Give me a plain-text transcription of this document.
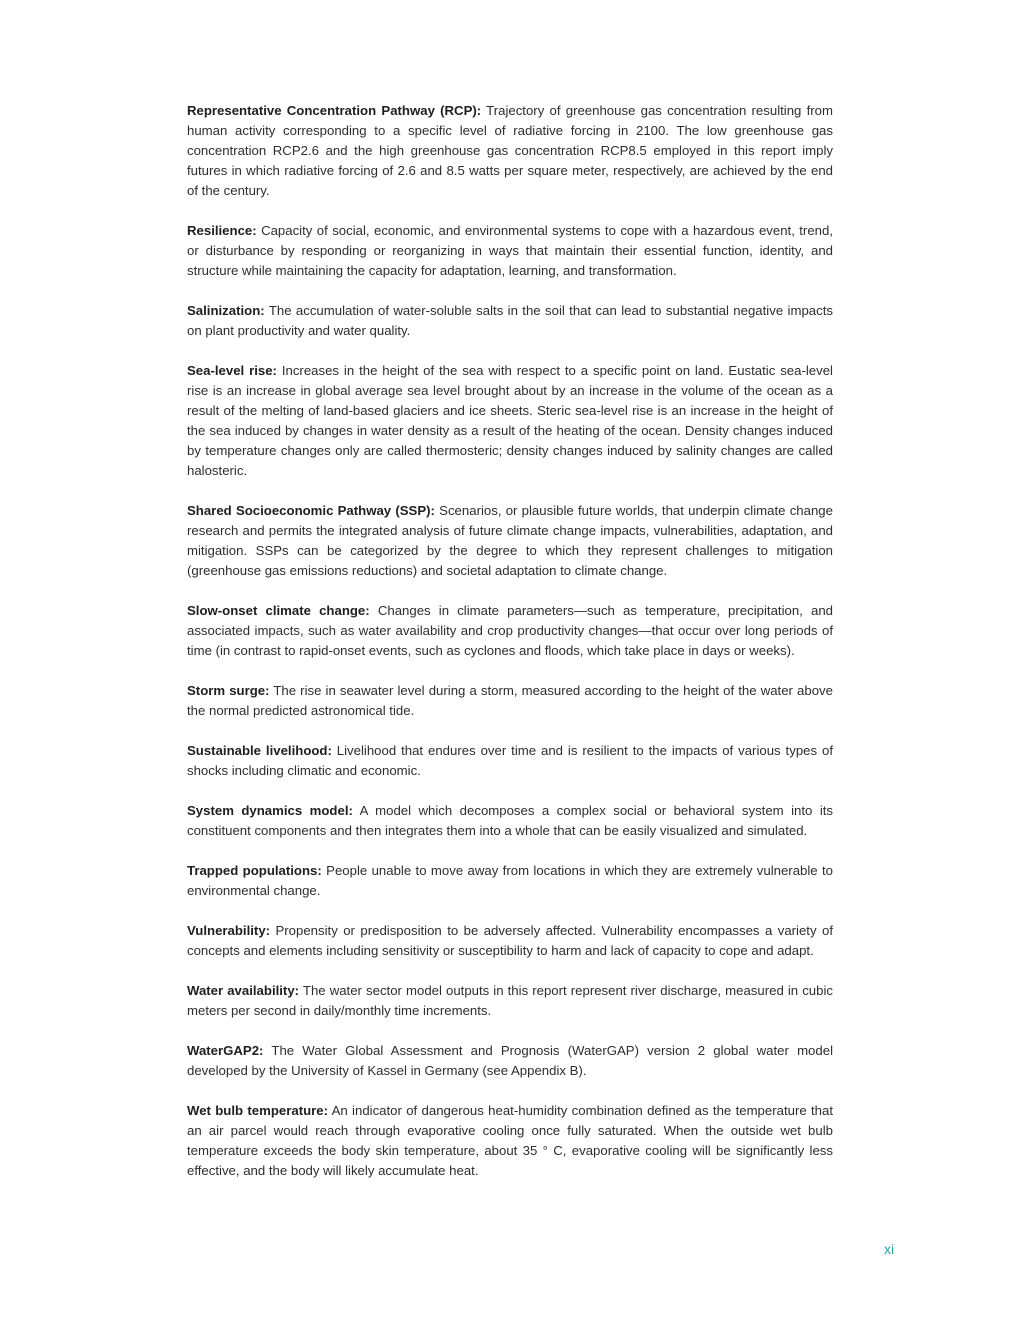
Representative Concentration Pathway (RCP): Trajectory of greenhouse gas concentration resulting from human activity corresponding to a specific level of radiative forcing in 2100. The low greenhouse gas concentration RCP2.6 and the high greenhouse gas concentration RCP8.5 employed in this report imply futures in which radiative forcing of 2.6 and 8.5 watts per square meter, respectively, are achieved by the end of the century.

Resilience: Capacity of social, economic, and environmental systems to cope with a hazardous event, trend, or disturbance by responding or reorganizing in ways that maintain their essential function, identity, and structure while maintaining the capacity for adaptation, learning, and transformation.

Salinization: The accumulation of water-soluble salts in the soil that can lead to substantial negative impacts on plant productivity and water quality.

Sea-level rise: Increases in the height of the sea with respect to a specific point on land. Eustatic sea-level rise is an increase in global average sea level brought about by an increase in the volume of the ocean as a result of the melting of land-based glaciers and ice sheets. Steric sea-level rise is an increase in the height of the sea induced by changes in water density as a result of the heating of the ocean. Density changes induced by temperature changes only are called thermosteric; density changes induced by salinity changes are called halosteric.

Shared Socioeconomic Pathway (SSP): Scenarios, or plausible future worlds, that underpin climate change research and permits the integrated analysis of future climate change impacts, vulnerabilities, adaptation, and mitigation. SSPs can be categorized by the degree to which they represent challenges to mitigation (greenhouse gas emissions reductions) and societal adaptation to climate change.

Slow-onset climate change: Changes in climate parameters—such as temperature, precipitation, and associated impacts, such as water availability and crop productivity changes—that occur over long periods of time (in contrast to rapid-onset events, such as cyclones and floods, which take place in days or weeks).

Storm surge: The rise in seawater level during a storm, measured according to the height of the water above the normal predicted astronomical tide.

Sustainable livelihood: Livelihood that endures over time and is resilient to the impacts of various types of shocks including climatic and economic.

System dynamics model: A model which decomposes a complex social or behavioral system into its constituent components and then integrates them into a whole that can be easily visualized and simulated.

Trapped populations: People unable to move away from locations in which they are extremely vulnerable to environmental change.

Vulnerability: Propensity or predisposition to be adversely affected. Vulnerability encompasses a variety of concepts and elements including sensitivity or susceptibility to harm and lack of capacity to cope and adapt.

Water availability: The water sector model outputs in this report represent river discharge, measured in cubic meters per second in daily/monthly time increments.

WaterGAP2: The Water Global Assessment and Prognosis (WaterGAP) version 2 global water model developed by the University of Kassel in Germany (see Appendix B).

Wet bulb temperature: An indicator of dangerous heat-humidity combination defined as the temperature that an air parcel would reach through evaporative cooling once fully saturated. When the outside wet bulb temperature exceeds the body skin temperature, about 35 ° C, evaporative cooling will be significantly less effective, and the body will likely accumulate heat.

xi
